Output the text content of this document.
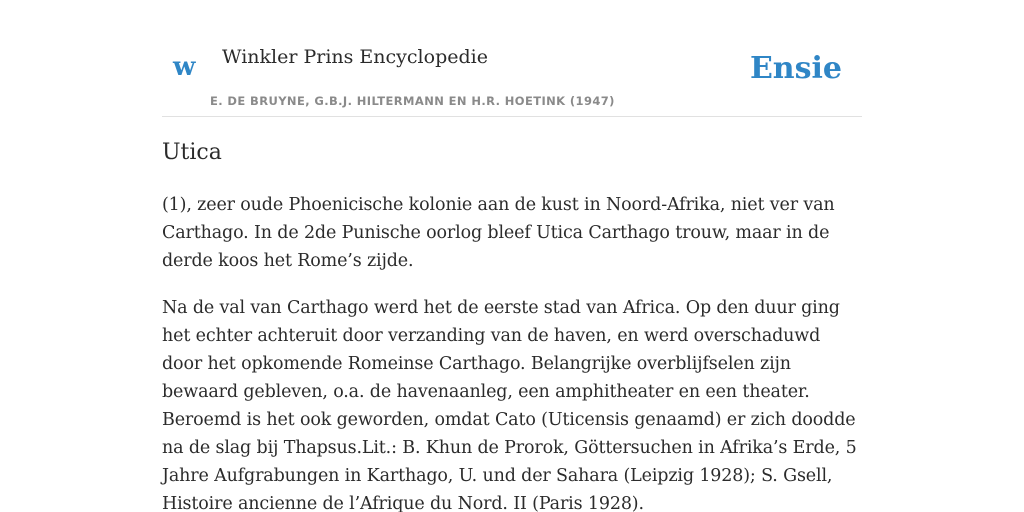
w Winkler Prins Encyclopedie
E. DE BRUYNE, G.B.J. HILTERMANN EN H.R. HOETINK (1947)
Ensie
Utica

(1), zeer oude Phoenicische kolonie aan de kust in Noord-Afrika, niet ver van Carthago. In de 2de Punische oorlog bleef Utica Carthago trouw, maar in de derde koos het Rome’s zijde.

Na de val van Carthago werd het de eerste stad van Africa. Op den duur ging het echter achteruit door verzanding van de haven, en werd overschaduwd door het opkomende Romeinse Carthago. Belangrijke overblijfselen zijn bewaard gebleven, o.a. de havenaanleg, een amphitheater en een theater. Beroemd is het ook geworden, omdat Cato (Uticensis genaamd) er zich doodde na de slag bij Thapsus.Lit.: B. Khun de Prorok, Göttersuchen in Afrika’s Erde, 5 Jahre Aufgrabungen in Karthago, U. und der Sahara (Leipzig 1928); S. Gsell, Histoire ancienne de l’Afrique du Nord. II (Paris 1928).
